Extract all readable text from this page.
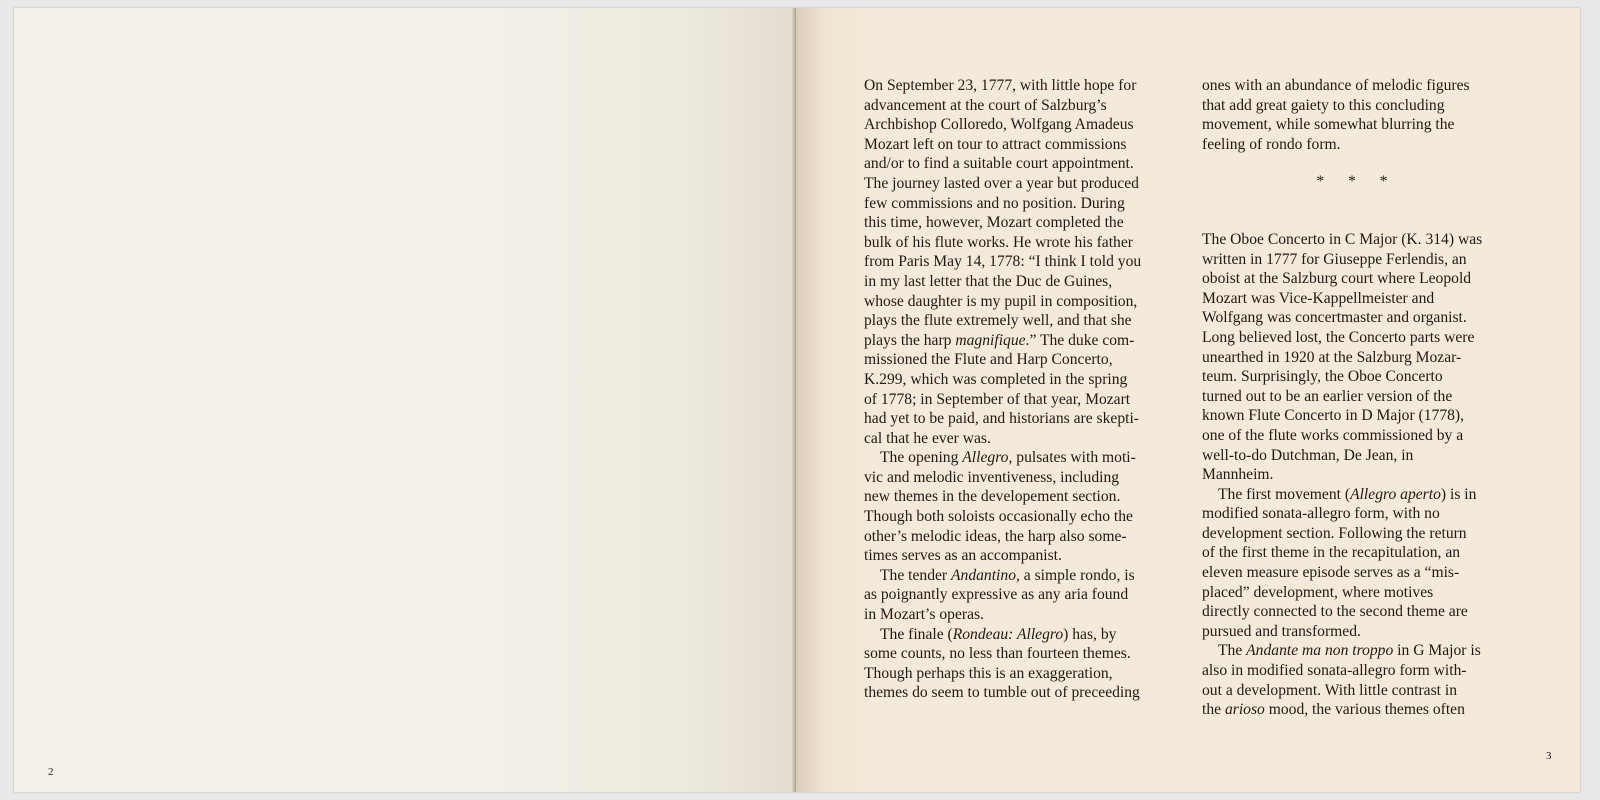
2

On September 23, 1777, with little hope for
advancement at the court of Salzburg’s
Archbishop Colloredo, Wolfgang Amadeus
Mozart left on tour to attract commissions
and/or to find a suitable court appointment.
The journey lasted over a year but produced
few commissions and no position. During
this time, however, Mozart completed the
bulk of his flute works. He wrote his father
from Paris May 14, 1778: “I think I told you
in my last letter that the Duc de Guines,
whose daughter is my pupil in composition,
plays the flute extremely well, and that she
plays the harp magnifique.” The duke com-
missioned the Flute and Harp Concerto,
K.299, which was completed in the spring
of 1778; in September of that year, Mozart
had yet to be paid, and historians are skepti-
cal that he ever was.

The opening Allegro, pulsates with moti-

vic and melodic inventiveness, including
new themes in the developement section.
Though both soloists occasionally echo the
other’s melodic ideas, the harp also some-
times serves as an accompanist.

The tender Andantino, a simple rondo, is

as poignantly expressive as any aria found
in Mozart’s operas.

The finale (Rondeau: Allegro) has, by

some counts, no less than fourteen themes.
Though perhaps this is an exaggeration,
themes do seem to tumble out of preceeding

ones with an abundance of melodic figures
that add great gaiety to this concluding
movement, while somewhat blurring the
feeling of rondo form.

* * *

The Oboe Concerto in C Major (K. 314) was
written in 1777 for Giuseppe Ferlendis, an
oboist at the Salzburg court where Leopold
Mozart was Vice-Kappellmeister and
Wolfgang was concertmaster and organist.
Long believed lost, the Concerto parts were
unearthed in 1920 at the Salzburg Mozar-
teum. Surprisingly, the Oboe Concerto
turned out to be an earlier version of the
known Flute Concerto in D Major (1778),
one of the flute works commissioned by a
well-to-do Dutchman, De Jean, in
Mannheim.

The first movement (Allegro aperto) is in

modified sonata-allegro form, with no
development section. Following the return
of the first theme in the recapitulation, an
eleven measure episode serves as a “mis-
placed” development, where motives
directly connected to the second theme are
pursued and transformed.

The Andante ma non troppo in G Major is

also in modified sonata-allegro form with-
out a development. With little contrast in
the arioso mood, the various themes often

3
